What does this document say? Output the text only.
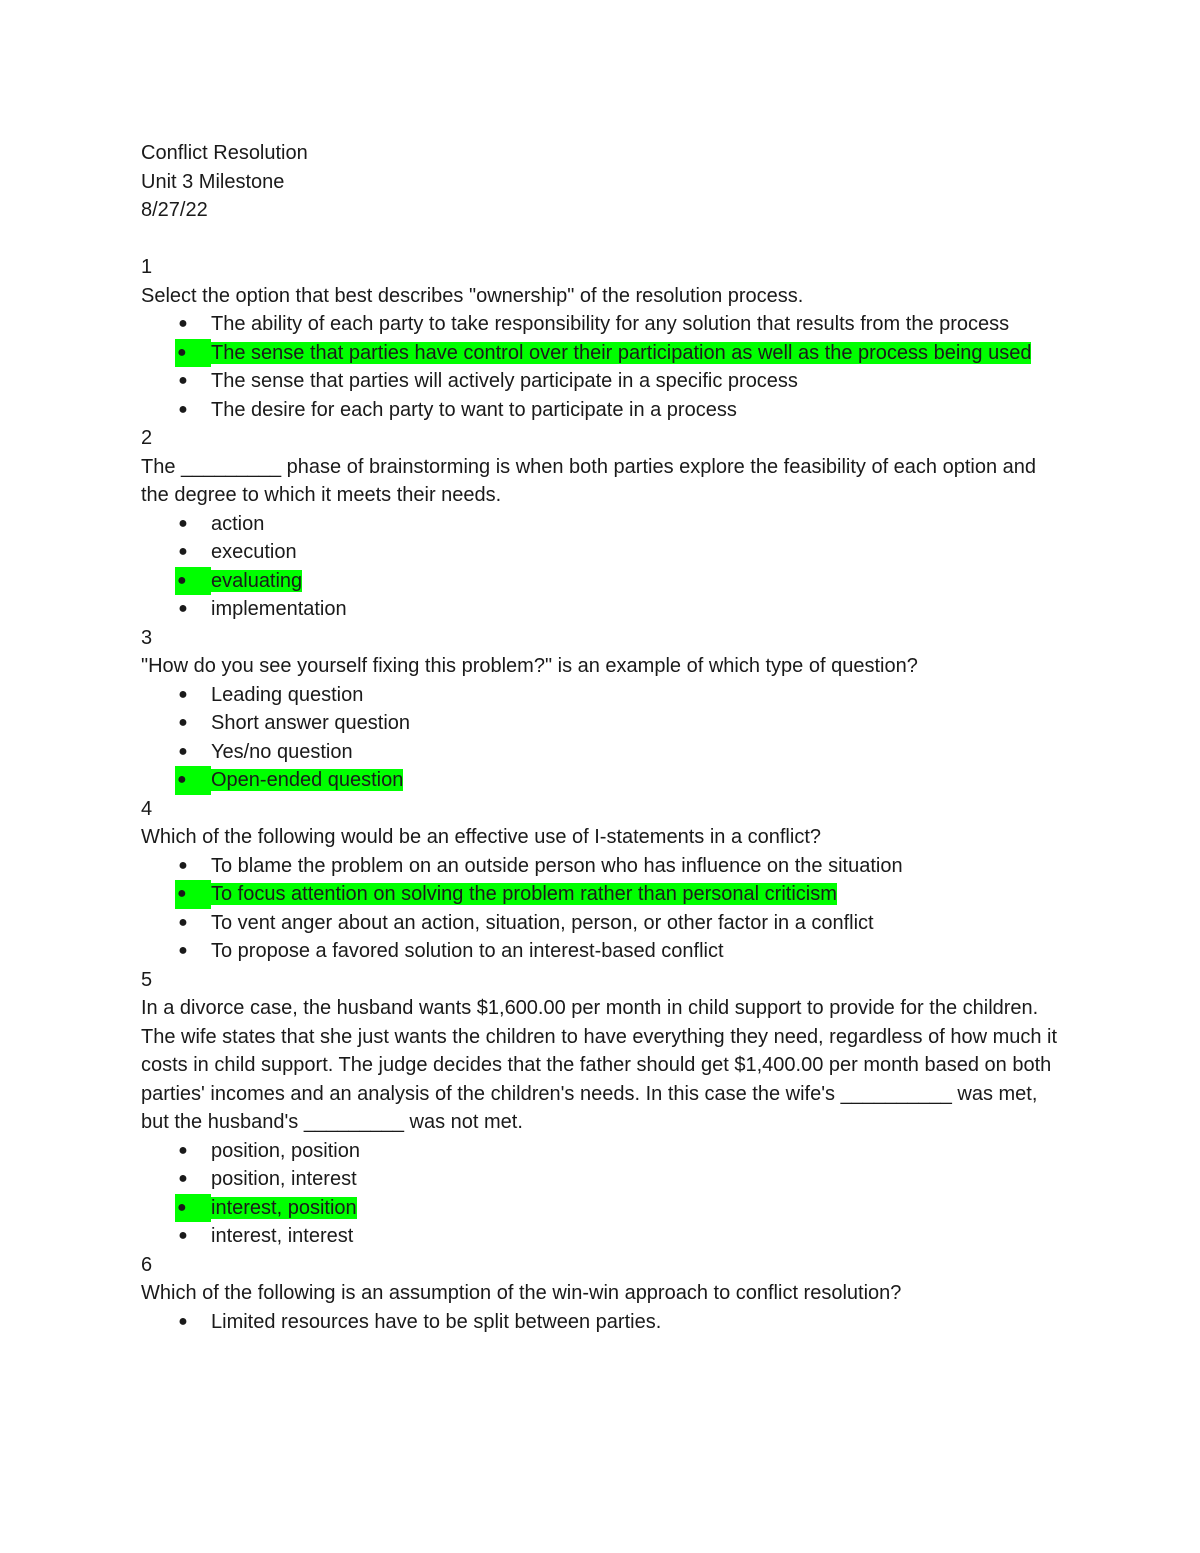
Conflict Resolution
Unit 3 Milestone
8/27/22
1
Select the option that best describes "ownership" of the resolution process.
● The ability of each party to take responsibility for any solution that results from the process
●	The sense that parties have control over their participation as well as the process being used
● The sense that parties will actively participate in a specific process
● The desire for each party to want to participate in a process
2
The _________ phase of brainstorming is when both parties explore the feasibility of each option and the degree to which it meets their needs.
● action
● execution
●	evaluating
● implementation
3
"How do you see yourself fixing this problem?" is an example of which type of question?
● Leading question
● Short answer question
● Yes/no question
●	Open-ended question
4
Which of the following would be an effective use of I-statements in a conflict?
● To blame the problem on an outside person who has influence on the situation
●	To focus attention on solving the problem rather than personal criticism
● To vent anger about an action, situation, person, or other factor in a conflict
● To propose a favored solution to an interest-based conflict
5
In a divorce case, the husband wants $1,600.00 per month in child support to provide for the children. The wife states that she just wants the children to have everything they need, regardless of how much it costs in child support. The judge decides that the father should get $1,400.00 per month based on both parties' incomes and an analysis of the children's needs. In this case the wife's __________ was met, but the husband's _________ was not met.
● position, position
● position, interest
●	interest, position
● interest, interest
6
Which of the following is an assumption of the win-win approach to conflict resolution?
● Limited resources have to be split between parties.
